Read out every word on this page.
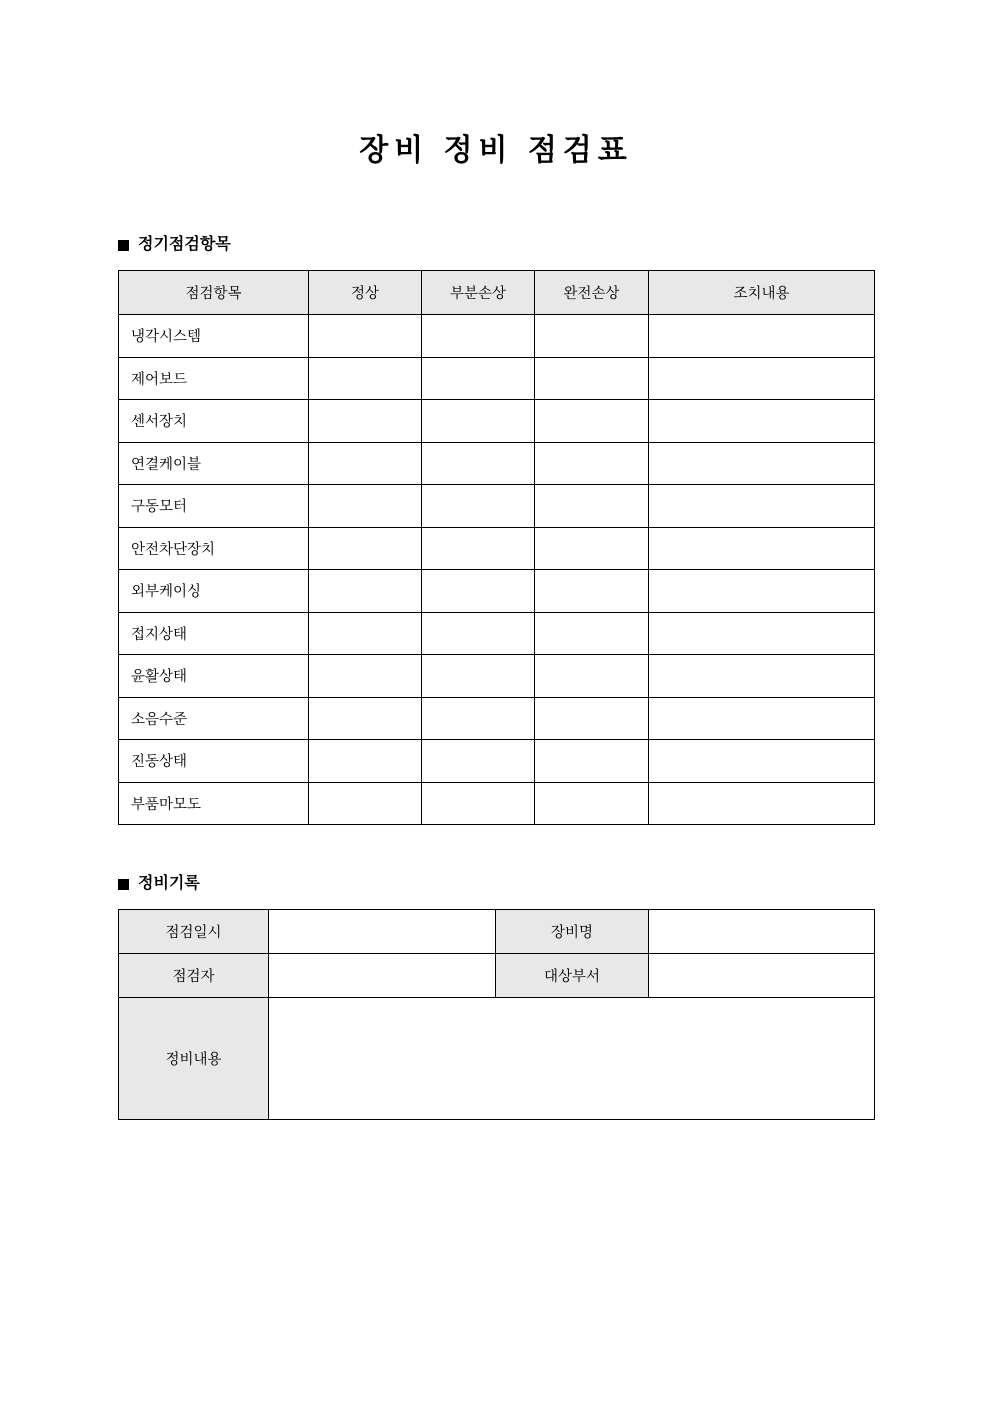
장비 정비 점검표
정기점검항목
점검항목	정상	부분손상	완전손상	조치내용
냉각시스템				
제어보드				
센서장치				
연결케이블				
구동모터				
안전차단장치				
외부케이싱				
접지상태				
윤활상태				
소음수준				
진동상태				
부품마모도				
정비기록
점검일시		장비명	
점검자		대상부서	
정비내용			
